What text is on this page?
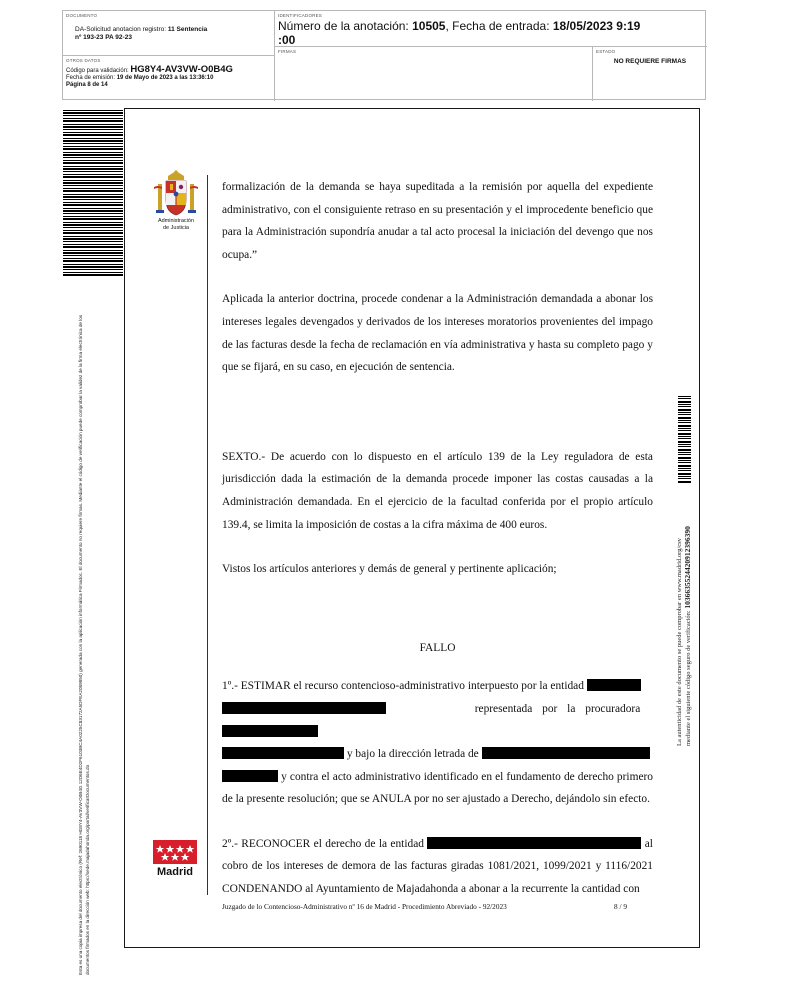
DOCUMENTO
DA-Solicitud anotacion registro: 11 Sentencia
nº 193-23 PA 92-23
IDENTIFICADORES
Número de la anotación: 10505, Fecha de entrada: 18/05/2023 9:19
:00
OTROS DATOS
Código para validación: HG8Y4-AV3VW-O0B4G
Fecha de emisión: 19 de Mayo de 2023 a las 13:36:10
Página 8 de 14
FIRMAS	ESTADO
NO REQUIERE FIRMAS
Esta es una copia impresa del documento electrónico (Ref: 2690118 HG8Y4-AV3VW-O0B4G 12D6E4D2F6103BC4A0225C83172A5DFEA2089850) generada con la aplicación informática Firmadoc. El documento no requiere firmas. Mediante el código de verificación puede comprobar la validez de la firma electrónica de los documentos firmados en la dirección web: https://sede.majadahonda.org/portal/verificarDocumentos.do
Administración
de Justicia
Madrid

formalización de la demanda se haya supeditada a la remisión por aquella del expediente administrativo, con el consiguiente retraso en su presentación y el improcedente beneficio que para la Administración supondría anudar a tal acto procesal la iniciación del devengo que nos ocupa.”

Aplicada la anterior doctrina, procede condenar a la Administración demandada a abonar los intereses legales devengados y derivados de los intereses moratorios provenientes del impago de las facturas desde la fecha de reclamación en vía administrativa y hasta su completo pago y que se fijará, en su caso, en ejecución de sentencia.

SEXTO.- De acuerdo con lo dispuesto en el artículo 139 de la Ley reguladora de esta jurisdicción dada la estimación de la demanda procede imponer las costas causadas a la Administración demandada. En el ejercicio de la facultad conferida por el propio artículo 139.4, se limita la imposición de costas a la cifra máxima de 400 euros.

Vistos los artículos anteriores y demás de general y pertinente aplicación;

FALLO

1º.- ESTIMAR el recurso contencioso-administrativo interpuesto por la entidad
representada por la procuradora
y bajo la dirección letrada de
y contra el acto administrativo identificado en el fundamento de derecho primero de la presente resolución; que se ANULA por no ser ajustado a Derecho, dejándolo sin efecto.

2º.- RECONOCER el derecho de la entidad	al cobro de los intereses de demora de las facturas giradas 1081/2021, 1099/2021 y 1116/2021 CONDENANDO al Ayuntamiento de Majadahonda a abonar a la recurrente la cantidad con

Juzgado de lo Contencioso-Administrativo nº 16 de Madrid - Procedimiento Abreviado - 92/2023	8 / 9
La autenticidad de este documento se puede comprobar en www.madrid.org/csv mediante el siguiente código seguro de verificación: 1036635524420912396390
